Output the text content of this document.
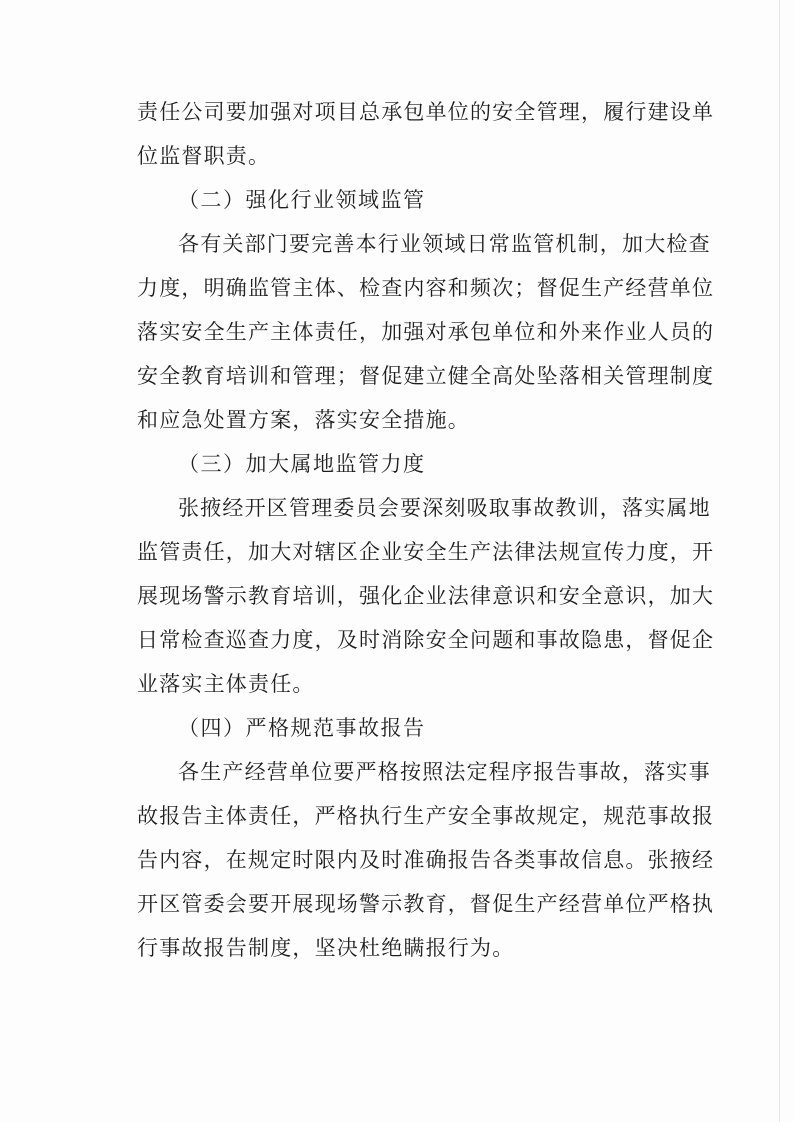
责任公司要加强对项目总承包单位的安全管理，履行建设单
位监督职责。
（二）强化行业领域监管
各有关部门要完善本行业领域日常监管机制，加大检查
力度，明确监管主体、检查内容和频次；督促生产经营单位
落实安全生产主体责任，加强对承包单位和外来作业人员的
安全教育培训和管理；督促建立健全高处坠落相关管理制度
和应急处置方案，落实安全措施。
（三）加大属地监管力度
张掖经开区管理委员会要深刻吸取事故教训，落实属地
监管责任，加大对辖区企业安全生产法律法规宣传力度，开
展现场警示教育培训，强化企业法律意识和安全意识，加大
日常检查巡查力度，及时消除安全问题和事故隐患，督促企
业落实主体责任。
（四）严格规范事故报告
各生产经营单位要严格按照法定程序报告事故，落实事
故报告主体责任，严格执行生产安全事故规定，规范事故报
告内容，在规定时限内及时准确报告各类事故信息。张掖经
开区管委会要开展现场警示教育，督促生产经营单位严格执
行事故报告制度，坚决杜绝瞒报行为。
